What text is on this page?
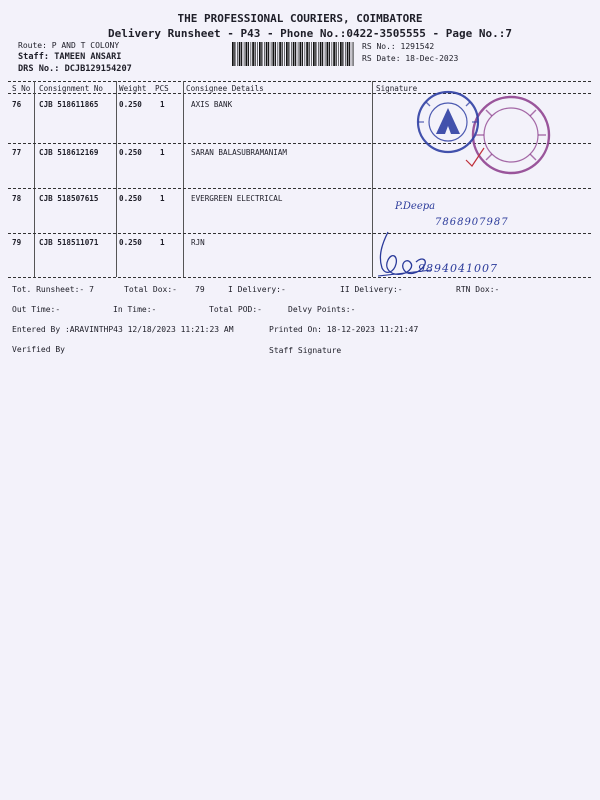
THE PROFESSIONAL COURIERS, COIMBATORE
Delivery Runsheet - P43 - Phone No.:0422-3505555 - Page No.:7
Route: P AND T COLONY
Staff: TAMEEN ANSARI
DRS No.: DCJB129154207
RS No.: 1291542
RS Date: 18-Dec-2023
S No Consignment No Weight PCS Consignee Details	Signature
76 CJB 518611865	0.250 1	AXIS BANK
77 CJB 518612169	0.250 1	SARAN BALASUBRAMANIAM
78 CJB 518507615	0.250 1	EVERGREEN ELECTRICAL
79 CJB 518511071	0.250 1	RJN
P.Deepa
7868907987
9894041007
Tot. Runsheet:- 7	Total Dox:- 79	I Delivery:-	II Delivery:-	RTN Dox:-
Out Time:-	In Time:-	Total POD:-	Delvy Points:-
Entered By :ARAVINTHP43 12/18/2023 11:21:23 AM	Printed On: 18-12-2023 11:21:47
Verified By	Staff Signature
